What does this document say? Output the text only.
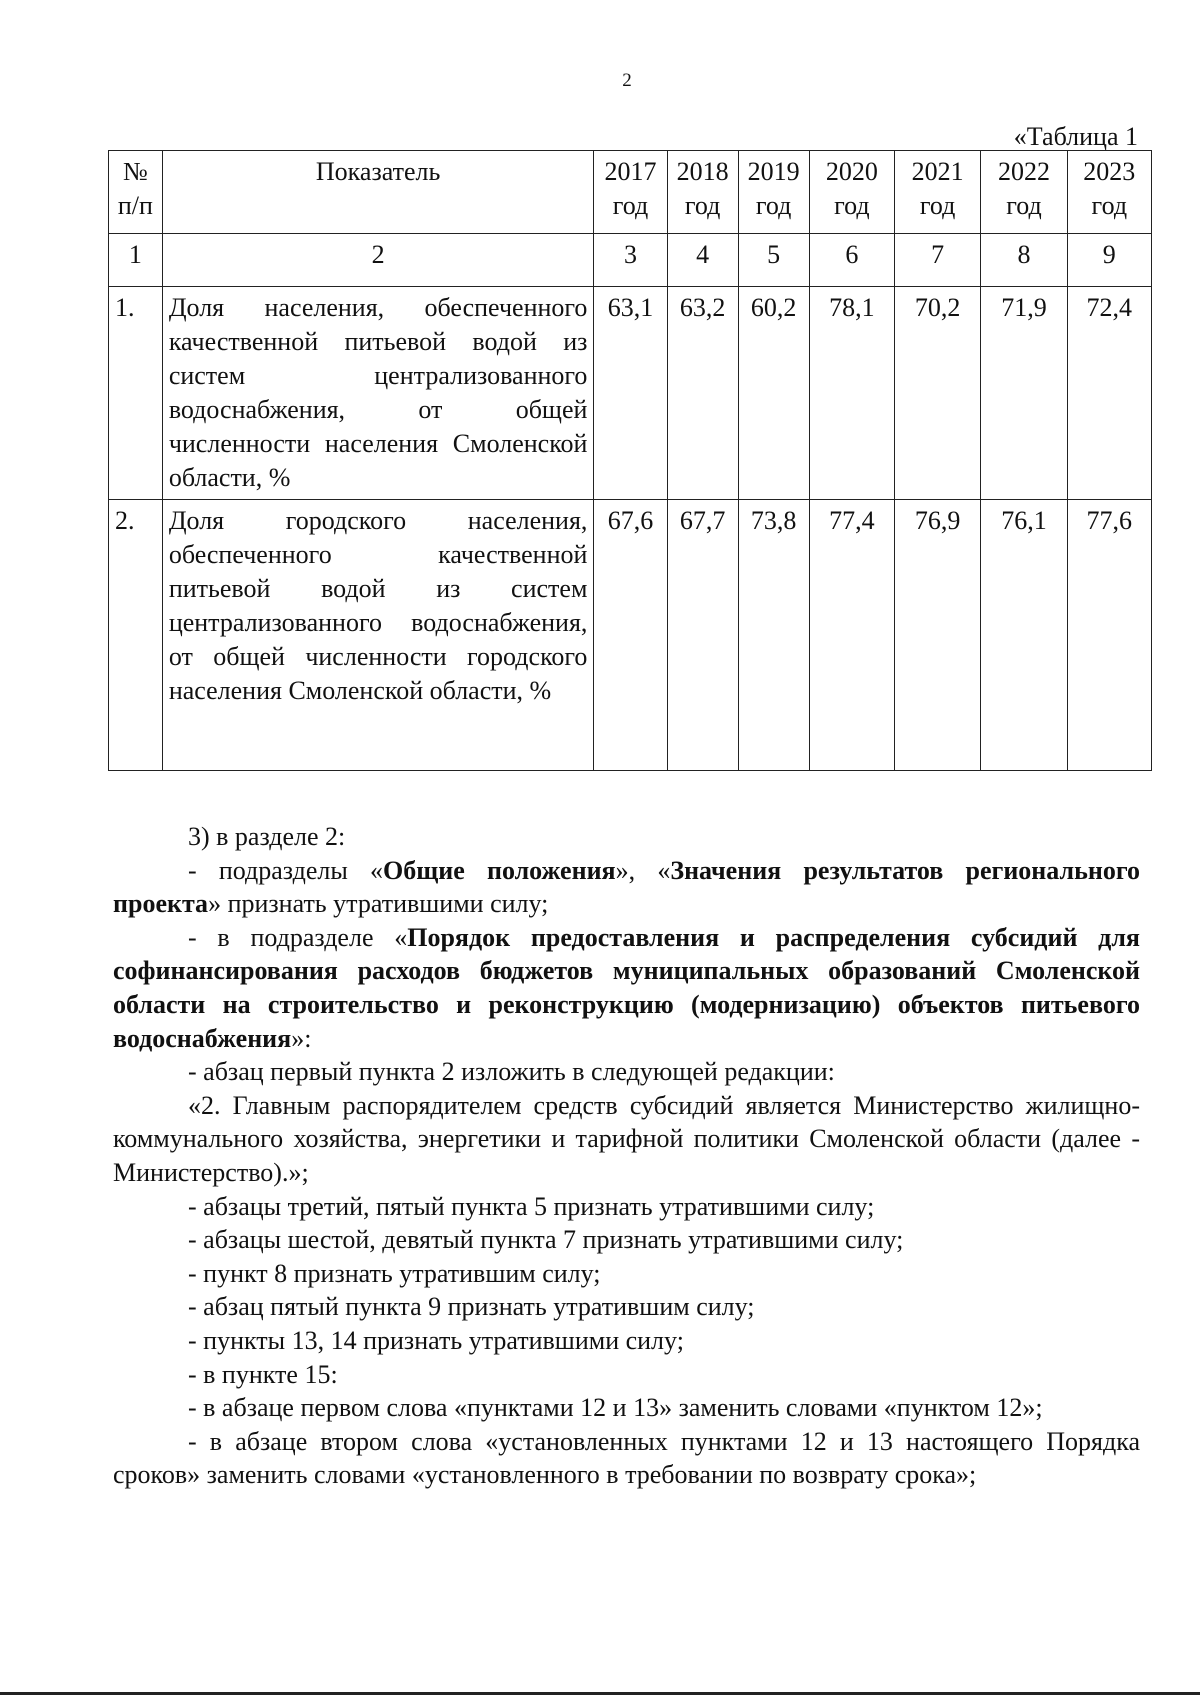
2
«Таблица 1
№ п/п	Показатель	2017 год	2018 год	2019 год	2020 год	2021 год	2022 год	2023 год
1	2	3	4	5	6	7	8	9
1.	Доля населения, обеспеченного качественной питьевой водой из систем централизованного водоснабжения, от общей численности населения Смоленской области, %	63,1	63,2	60,2	78,1	70,2	71,9	72,4
2.	Доля городского населения, обеспеченного качественной питьевой водой из систем централизованного водоснабжения, от общей численности городского населения Смоленской области, %	67,6	67,7	73,8	77,4	76,9	76,1	77,6

3) в разделе 2:

- подразделы «Общие положения», «Значения результатов регионального проекта» признать утратившими силу;

- в подразделе «Порядок предоставления и распределения субсидий для софинансирования расходов бюджетов муниципальных образований Смоленской области на строительство и реконструкцию (модернизацию) объектов питьевого водоснабжения»:

- абзац первый пункта 2 изложить в следующей редакции:

«2. Главным распорядителем средств субсидий является Министерство жилищно-коммунального хозяйства, энергетики и тарифной политики Смоленской области (далее - Министерство).»;

- абзацы третий, пятый пункта 5 признать утратившими силу;

- абзацы шестой, девятый пункта 7 признать утратившими силу;

- пункт 8 признать утратившим силу;

- абзац пятый пункта 9 признать утратившим силу;

- пункты 13, 14 признать утратившими силу;

- в пункте 15:

- в абзаце первом слова «пунктами 12 и 13» заменить словами «пунктом 12»;

- в абзаце втором слова «установленных пунктами 12 и 13 настоящего Порядка сроков» заменить словами «установленного в требовании по возврату срока»;
